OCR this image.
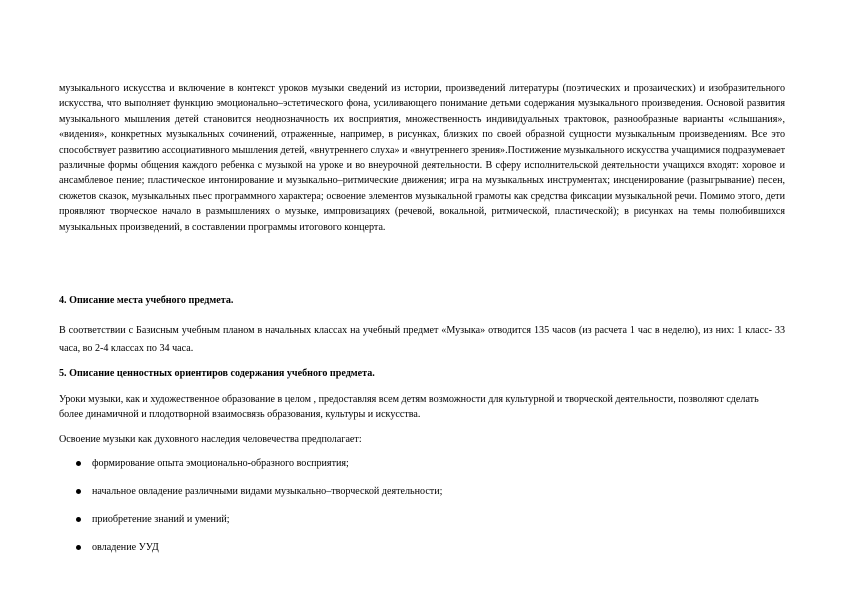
музыкального искусства и включение в контекст уроков музыки сведений из истории, произведений литературы (поэтических и прозаических) и изобразительного искусства, что выполняет функцию эмоционально–эстетического фона, усиливающего понимание детьми содержания музыкального произведения. Основой развития музыкального мышления детей становится неоднозначность их восприятия, множественность индивидуальных трактовок, разнообразные варианты «слышания», «видения», конкретных музыкальных сочинений, отраженные, например, в рисунках, близких по своей образной сущности музыкальным произведениям. Все это способствует развитию ассоциативного мышления детей, «внутреннего слуха» и «внутреннего зрения».Постижение музыкального искусства учащимися подразумевает различные формы общения каждого ребенка с музыкой на уроке и во внеурочной деятельности. В сферу исполнительской деятельности учащихся входят: хоровое и ансамблевое пение; пластическое интонирование и музыкально–ритмические движения; игра на музыкальных инструментах; инсценирование (разыгрывание) песен, сюжетов сказок, музыкальных пьес программного характера; освоение элементов музыкальной грамоты как средства фиксации музыкальной речи. Помимо этого, дети проявляют творческое начало в размышлениях о музыке, импровизациях (речевой, вокальной, ритмической, пластической); в рисунках на темы полюбившихся музыкальных произведений, в составлении программы итогового концерта.

4. Описание места учебного предмета.

В соответствии с Базисным учебным планом в начальных классах на учебный предмет «Музыка» отводится 135 часов (из расчета 1 час в неделю), из них: 1 класс- 33 часа, во 2-4 классах по 34 часа.

5. Описание ценностных ориентиров содержания учебного предмета.

Уроки музыки, как и художественное образование в целом , предоставляя всем детям возможности для культурной и творческой деятельности, позволяют сделать более динамичной и плодотворной взаимосвязь образования, культуры и искусства.

Освоение музыки как духовного наследия человечества предполагает:

формирование опыта эмоционально-образного восприятия;
начальное овладение различными видами музыкально–творческой деятельности;
приобретение знаний и умений;
овладение УУД
